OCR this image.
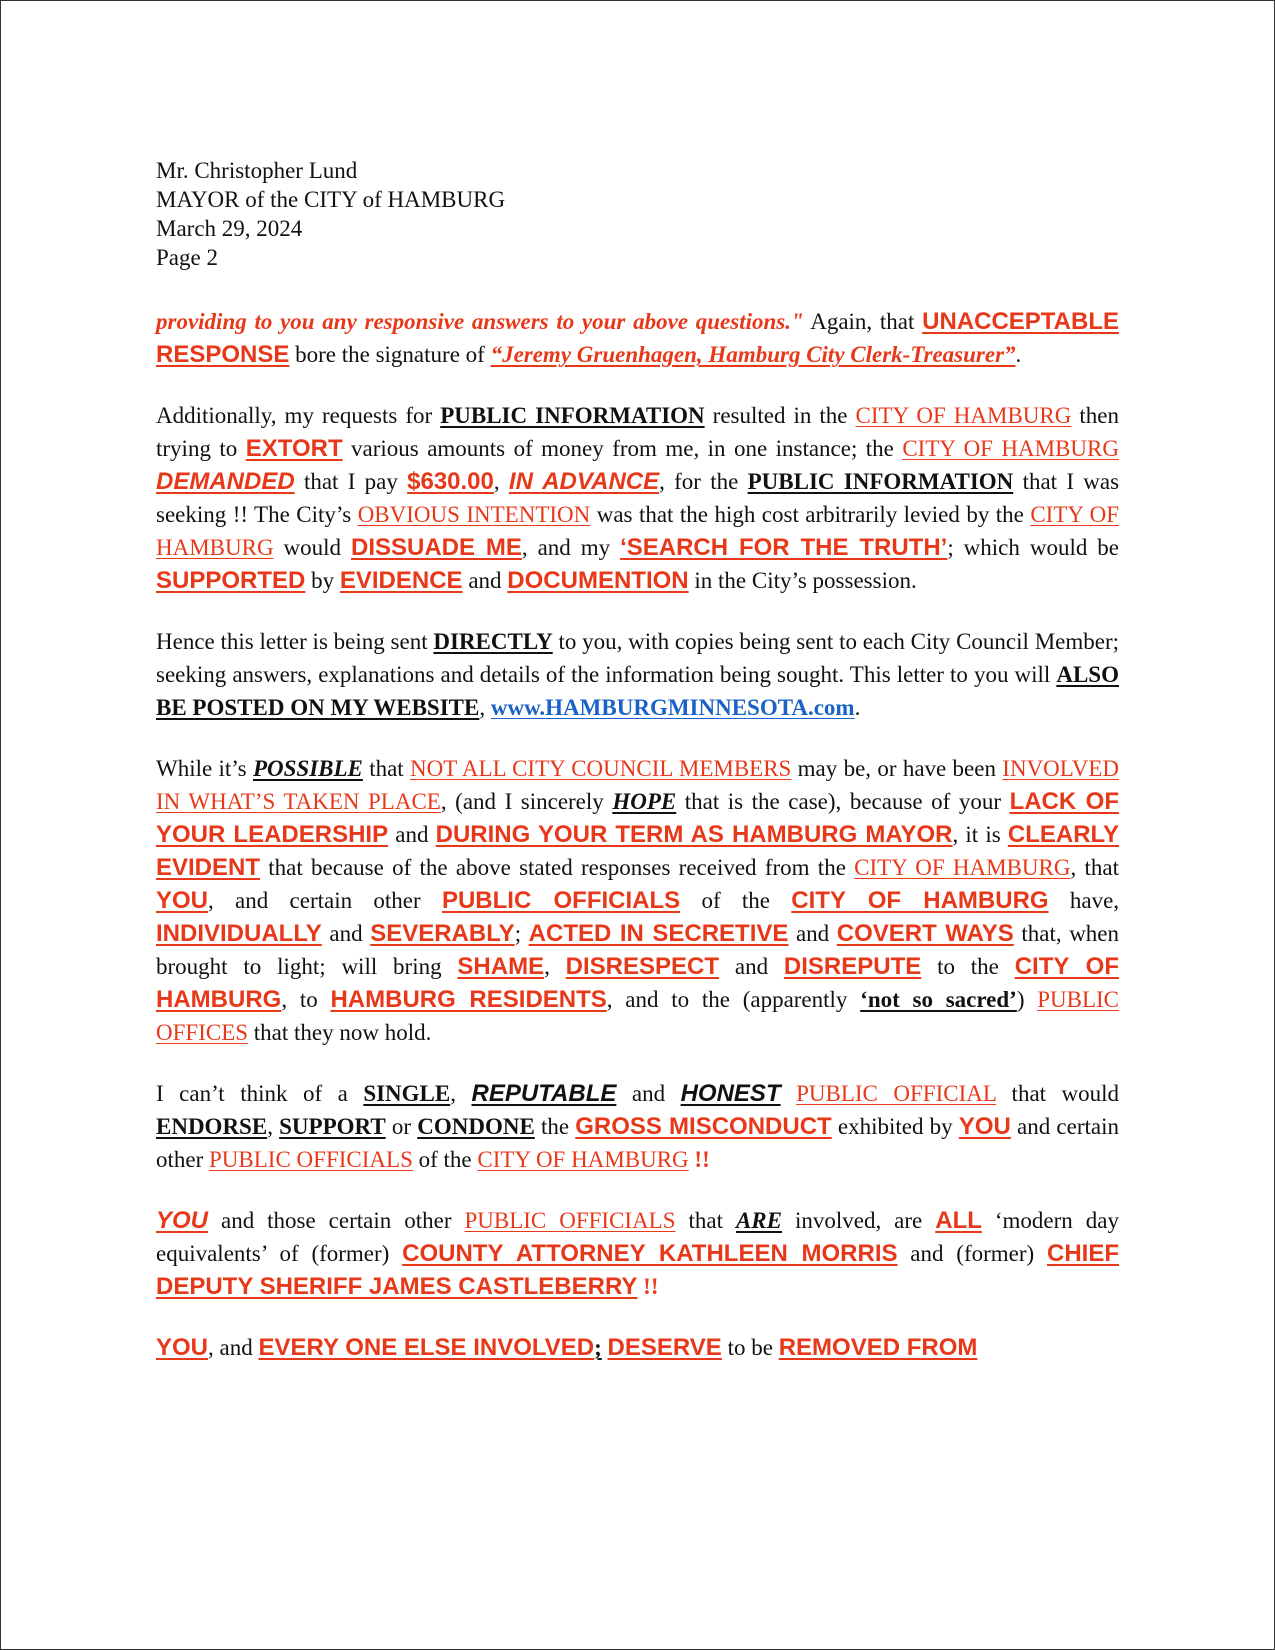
Mr. Christopher Lund
MAYOR of the CITY of HAMBURG
March 29, 2024
Page 2

providing to you any responsive answers to your above questions." Again, that UNACCEPTABLE RESPONSE bore the signature of “Jeremy Gruenhagen, Hamburg City Clerk-Treasurer”.

Additionally, my requests for PUBLIC INFORMATION resulted in the CITY OF HAMBURG then trying to EXTORT various amounts of money from me, in one instance; the CITY OF HAMBURG DEMANDED that I pay $630.00, IN ADVANCE, for the PUBLIC INFORMATION that I was seeking !! The City’s OBVIOUS INTENTION was that the high cost arbitrarily levied by the CITY OF HAMBURG would DISSUADE ME, and my ‘SEARCH FOR THE TRUTH’; which would be SUPPORTED by EVIDENCE and DOCUMENTION in the City’s possession.

Hence this letter is being sent DIRECTLY to you, with copies being sent to each City Council Member; seeking answers, explanations and details of the information being sought. This letter to you will ALSO BE POSTED ON MY WEBSITE, www.HAMBURGMINNESOTA.com.

While it’s POSSIBLE that NOT ALL CITY COUNCIL MEMBERS may be, or have been INVOLVED IN WHAT’S TAKEN PLACE, (and I sincerely HOPE that is the case), because of your LACK OF YOUR LEADERSHIP and DURING YOUR TERM AS HAMBURG MAYOR, it is CLEARLY EVIDENT that because of the above stated responses received from the CITY OF HAMBURG, that YOU, and certain other PUBLIC OFFICIALS of the CITY OF HAMBURG have, INDIVIDUALLY and SEVERABLY; ACTED IN SECRETIVE and COVERT WAYS that, when brought to light; will bring SHAME, DISRESPECT and DISREPUTE to the CITY OF HAMBURG, to HAMBURG RESIDENTS, and to the (apparently ‘not so sacred’) PUBLIC OFFICES that they now hold.

I can’t think of a SINGLE, REPUTABLE and HONEST PUBLIC OFFICIAL that would ENDORSE, SUPPORT or CONDONE the GROSS MISCONDUCT exhibited by YOU and certain other PUBLIC OFFICIALS of the CITY OF HAMBURG !!

YOU and those certain other PUBLIC OFFICIALS that ARE involved, are ALL ‘modern day equivalents’ of (former) COUNTY ATTORNEY KATHLEEN MORRIS and (former) CHIEF DEPUTY SHERIFF JAMES CASTLEBERRY !!

YOU, and EVERY ONE ELSE INVOLVED; DESERVE to be REMOVED FROM
